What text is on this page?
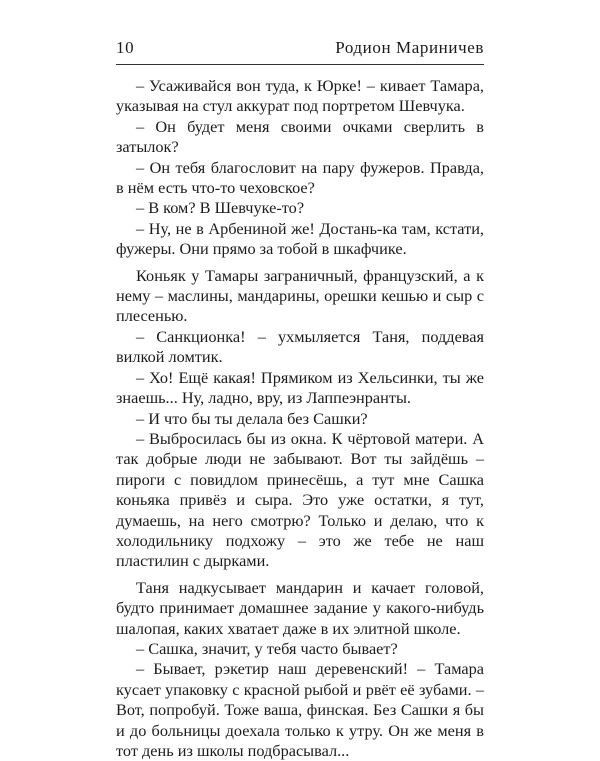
10	Родион Мариничев

– Усаживайся вон туда, к Юрке! – кивает Тамара, указывая на стул аккурат под портретом Шевчука.

– Он будет меня своими очками сверлить в затылок?

– Он тебя благословит на пару фужеров. Правда, в нём есть что-то чеховское?

– В ком? В Шевчуке-то?

– Ну, не в Арбениной же! Достань-ка там, кстати, фужеры. Они прямо за тобой в шкафчике.

Коньяк у Тамары заграничный, французский, а к нему – маслины, мандарины, орешки кешью и сыр с плесенью.

– Санкционка! – ухмыляется Таня, поддевая вилкой ломтик.

– Хо! Ещё какая! Прямиком из Хельсинки, ты же знаешь... Ну, ладно, вру, из Лаппеэнранты.

– И что бы ты делала без Сашки?

– Выбросилась бы из окна. К чёртовой матери. А так добрые люди не забывают. Вот ты зайдёшь – пироги с повидлом принесёшь, а тут мне Сашка коньяка привёз и сыра. Это уже остатки, я тут, думаешь, на него смотрю? Только и делаю, что к холодильнику подхожу – это же тебе не наш пластилин с дырками.

Таня надкусывает мандарин и качает головой, будто принимает домашнее задание у какого-нибудь шалопая, каких хватает даже в их элитной школе.

– Сашка, значит, у тебя часто бывает?

– Бывает, рэкетир наш деревенский! – Тамара кусает упаковку с красной рыбой и рвёт её зубами. – Вот, попробуй. Тоже ваша, финская. Без Сашки я бы и до больницы доехала только к утру. Он же меня в тот день из школы подбрасывал...
